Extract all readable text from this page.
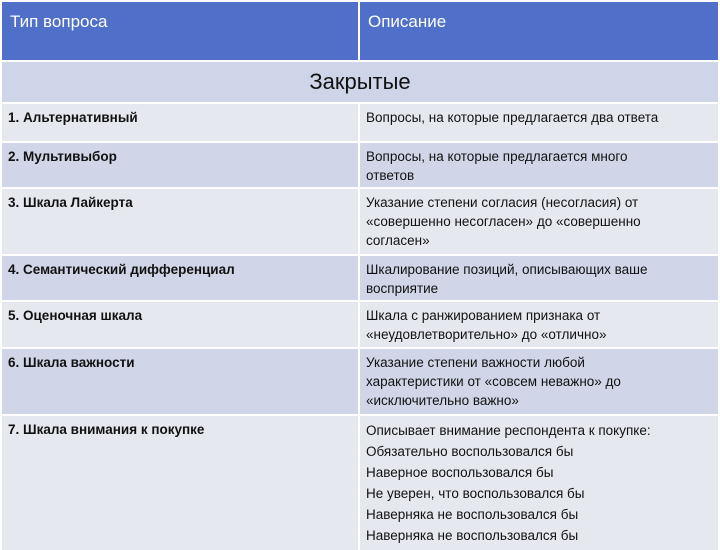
Тип вопроса	Описание
Закрытые
1. Альтернативный	Вопросы, на которые предлагается два ответа
2. Мультивыбор	Вопросы, на которые предлагается много
ответов
3. Шкала Лайкерта	Указание степени согласия (несогласия) от
«совершенно несогласен» до «совершенно
согласен»
4. Семантический дифференциал	Шкалирование позиций, описывающих ваше
восприятие
5. Оценочная шкала	Шкала с ранжированием признака от
«неудовлетворительно» до «отлично»
6. Шкала важности	Указание степени важности любой
характеристики от «совсем неважно» до
«исключительно важно»
7. Шкала внимания к покупке	Описывает внимание респондента к покупке:
Обязательно воспользовался бы
Наверное воспользовался бы
Не уверен, что воспользовался бы
Наверняка не воспользовался бы
Наверняка не воспользовался бы
